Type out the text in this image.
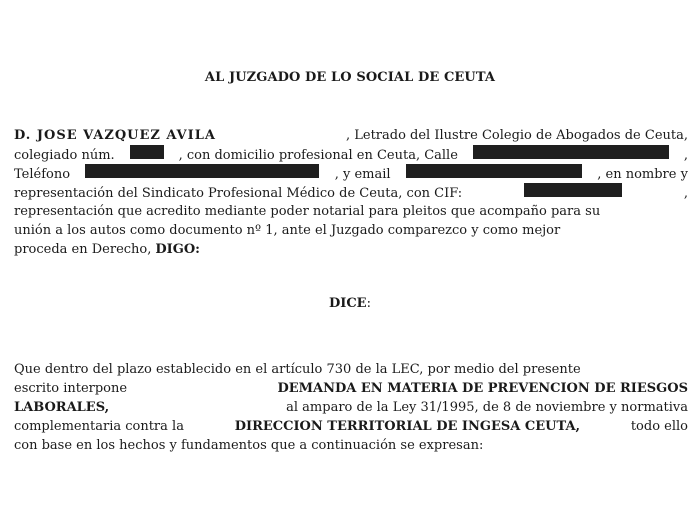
AL JUZGADO DE LO SOCIAL DE CEUTA
D. JOSE VAZQUEZ AVILA	, Letrado del Ilustre Colegio de Abogados de Ceuta,
colegiado núm.	, con domicilio profesional en Ceuta, Calle	,
Teléfono	, y email	, en nombre y
representación del Sindicato Profesional Médico de Ceuta, con CIF:	,
representación que acredito mediante poder notarial para pleitos que acompaño para su
unión a los autos como documento nº 1, ante el Juzgado comparezco y como mejor
proceda en Derecho, DIGO:
DICE:
Que dentro del plazo establecido en el artículo 730 de la LEC, por medio del presente
escrito interpone	DEMANDA EN MATERIA DE PREVENCION DE RIESGOS
LABORALES,	al amparo de la Ley 31/1995, de 8 de noviembre y normativa
complementaria contra la	DIRECCION TERRITORIAL DE INGESA CEUTA,	todo ello
con base en los hechos y fundamentos que a continuación se expresan:
